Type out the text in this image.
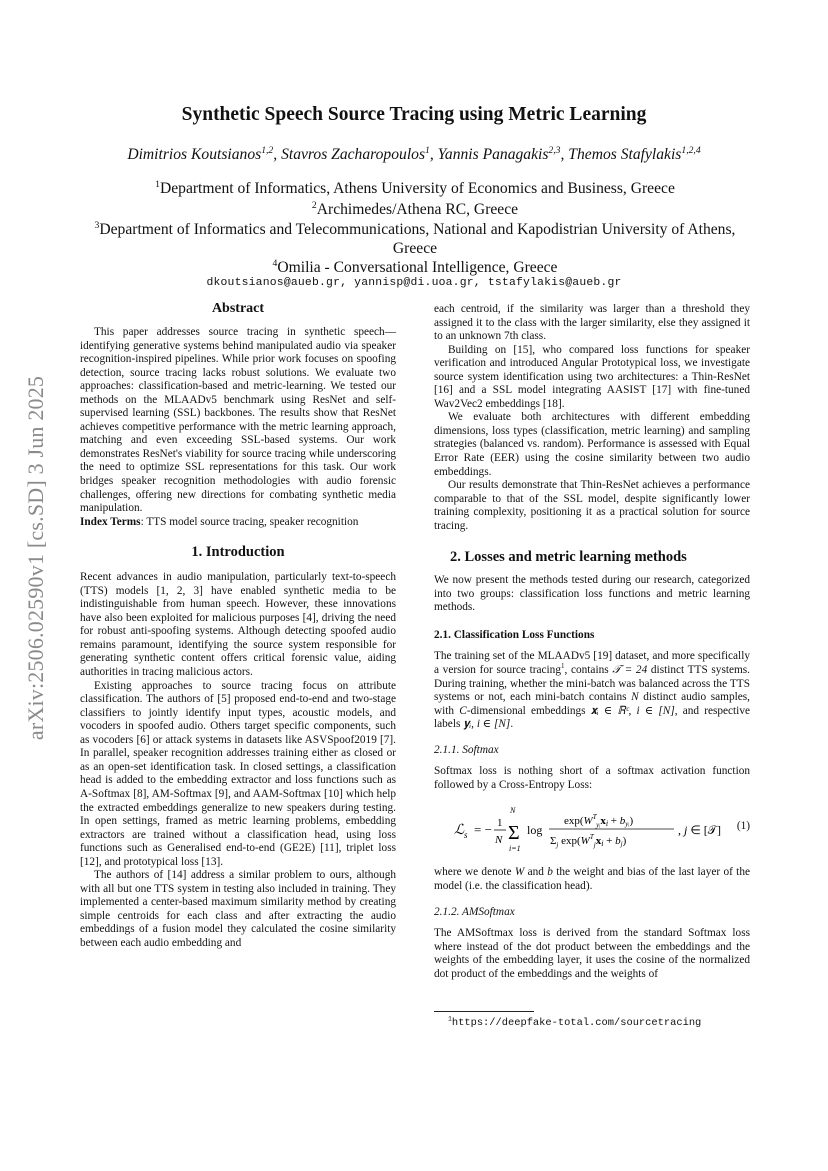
arXiv:2506.02590v1 [cs.SD] 3 Jun 2025
Synthetic Speech Source Tracing using Metric Learning
Dimitrios Koutsianos$^{1,2}$, Stavros Zacharopoulos$^1$, Yannis Panagakis$^{2,3}$, Themos Stafylakis$^{1,2,4}$
$^1$Department of Informatics, Athens University of Economics and Business, Greece
$^2$Archimedes/Athena RC, Greece
$^3$Department of Informatics and Telecommunications, National and Kapodistrian University of Athens, Greece
$^4$Omilia - Conversational Intelligence, Greece
dkoutsianos@aueb.gr, yannisp@di.uoa.gr, tstafylakis@aueb.gr
Abstract

This paper addresses source tracing in synthetic speech—identifying generative systems behind manipulated audio via speaker recognition-inspired pipelines. While prior work focuses on spoofing detection, source tracing lacks robust solutions. We evaluate two approaches: classification-based and metric-learning. We tested our methods on the MLAADv5 benchmark using ResNet and self-supervised learning (SSL) backbones. The results show that ResNet achieves competitive performance with the metric learning approach, matching and even exceeding SSL-based systems. Our work demonstrates ResNet's viability for source tracing while underscoring the need to optimize SSL representations for this task. Our work bridges speaker recognition methodologies with audio forensic challenges, offering new directions for combating synthetic media manipulation.

Index Terms: TTS model source tracing, speaker recognition

1. Introduction

Recent advances in audio manipulation, particularly text-to-speech (TTS) models [1, 2, 3] have enabled synthetic media to be indistinguishable from human speech. However, these innovations have also been exploited for malicious purposes [4], driving the need for robust anti-spoofing systems. Although detecting spoofed audio remains paramount, identifying the source system responsible for generating synthetic content offers critical forensic value, aiding authorities in tracing malicious actors.

Existing approaches to source tracing focus on attribute classification. The authors of [5] proposed end-to-end and two-stage classifiers to jointly identify input types, acoustic models, and vocoders in spoofed audio. Others target specific components, such as vocoders [6] or attack systems in datasets like ASVSpoof2019 [7]. In parallel, speaker recognition addresses training either as closed or as an open-set identification task. In closed settings, a classification head is added to the embedding extractor and loss functions such as A-Softmax [8], AM-Softmax [9], and AAM-Softmax [10] which help the extracted embeddings generalize to new speakers during testing. In open settings, framed as metric learning problems, embedding extractors are trained without a classification head, using loss functions such as Generalised end-to-end (GE2E) [11], triplet loss [12], and prototypical loss [13].

The authors of [14] address a similar problem to ours, although with all but one TTS system in testing also included in training. They implemented a center-based maximum similarity method by creating simple centroids for each class and after extracting the audio embeddings of a fusion model they calculated the cosine similarity between each audio embedding and

each centroid, if the similarity was larger than a threshold they assigned it to the class with the larger similarity, else they assigned it to an unknown 7th class.

Building on [15], who compared loss functions for speaker verification and introduced Angular Prototypical loss, we investigate source system identification using two architectures: a Thin-ResNet [16] and a SSL model integrating AASIST [17] with fine-tuned Wav2Vec2 embeddings [18].

We evaluate both architectures with different embedding dimensions, loss types (classification, metric learning) and sampling strategies (balanced vs. random). Performance is assessed with Equal Error Rate (EER) using the cosine similarity between two audio embeddings.

Our results demonstrate that Thin-ResNet achieves a performance comparable to that of the SSL model, despite significantly lower training complexity, positioning it as a practical solution for source tracing.

2. Losses and metric learning methods

We now present the methods tested during our research, categorized into two groups: classification loss functions and metric learning methods.

2.1. Classification Loss Functions

The training set of the MLAADv5 [19] dataset, and more specifically a version for source tracing$^1$, contains 𝒯 = 24 distinct TTS systems. During training, whether the mini-batch was balanced across the TTS systems or not, each mini-batch contains N distinct audio samples, with C-dimensional embeddings 𝐱ᵢ ∈ ℝᶜ, i ∈ [N], and respective labels 𝐲ᵢ, i ∈ [N].

2.1.1. Softmax

Softmax loss is nothing short of a softmax activation function followed by a Cross-Entropy Loss:

ℒ s = − 1
N
N
Σ
i=1
log
$\exp(W^T_{yᵢ}xi$ + byᵢ)
$\Sigma_j$ $\exp(W^T_jxi + bj)$
, j ∈ [𝒯] (1)

where we denote W and b the weight and bias of the last layer of the model (i.e. the classification head).

2.1.2. AMSoftmax

The AMSoftmax loss is derived from the standard Softmax loss where instead of the dot product between the embeddings and the weights of the embedding layer, it uses the cosine of the normalized dot product of the embeddings and the weights of

$^1$https://deepfake-total.com/sourcetracing
